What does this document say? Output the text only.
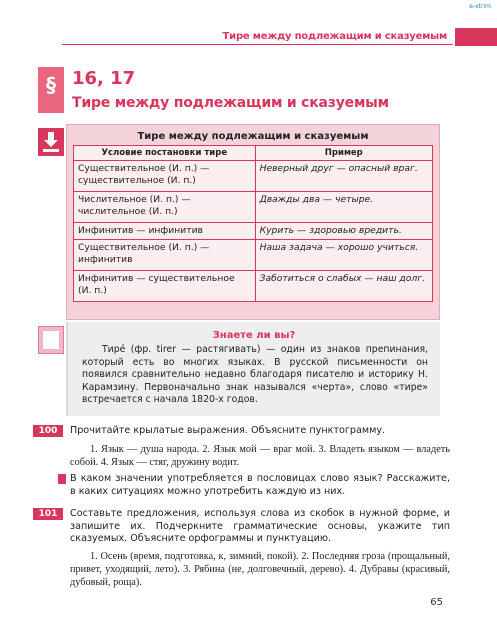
e-xtrim
Тире между подлежащим и сказуемым
§ 16, 17
Тире между подлежащим и сказуемым
Тире между подлежащим и сказуемым
Условие постановки тире	Пример
Существительное (И. п.) — существительное (И. п.)	Неверный друг — опасный враг.
Числительное (И. п.) — числительное (И. п.)	Дважды два — четыре.
Инфинитив — инфинитив	Курить — здоровью вредить.
Существительное (И. п.) — инфинитив	Наша задача — хорошо учиться.
Инфинитив — существительное (И. п.)	Заботиться о слабых — наш долг.
Знаете ли вы?
Тирé (фр. tirer — растягивать) — один из знаков препинания, который есть во многих языках. В русской письменности он появился сравнительно недавно благодаря писателю и историку Н. Карамзину. Первоначально знак назывался «черта», слово «тире» встречается с начала 1820-х годов.
100	Прочитайте крылатые выражения. Объясните пунктограмму.
1. Язык — душа народа. 2. Язык мой — враг мой. 3. Владеть языком — владеть собой. 4. Язык — стяг, дружину водит.
В каком значении употребляется в пословицах слово язык? Расскажите, в каких ситуациях можно употребить каждую из них.
101	Составьте предложения, используя слова из скобок в нужной форме, и запишите их. Подчеркните грамматические основы, укажите тип сказуемых. Объясните орфограммы и пунктуацию.
1. Осень (время, подготовка, к, зимний, покой). 2. Последняя гроза (прощальный, привет, уходящий, лето). 3. Рябина (не, долговечный, дерево). 4. Дубравы (красивый, дубовый, роща).
65
